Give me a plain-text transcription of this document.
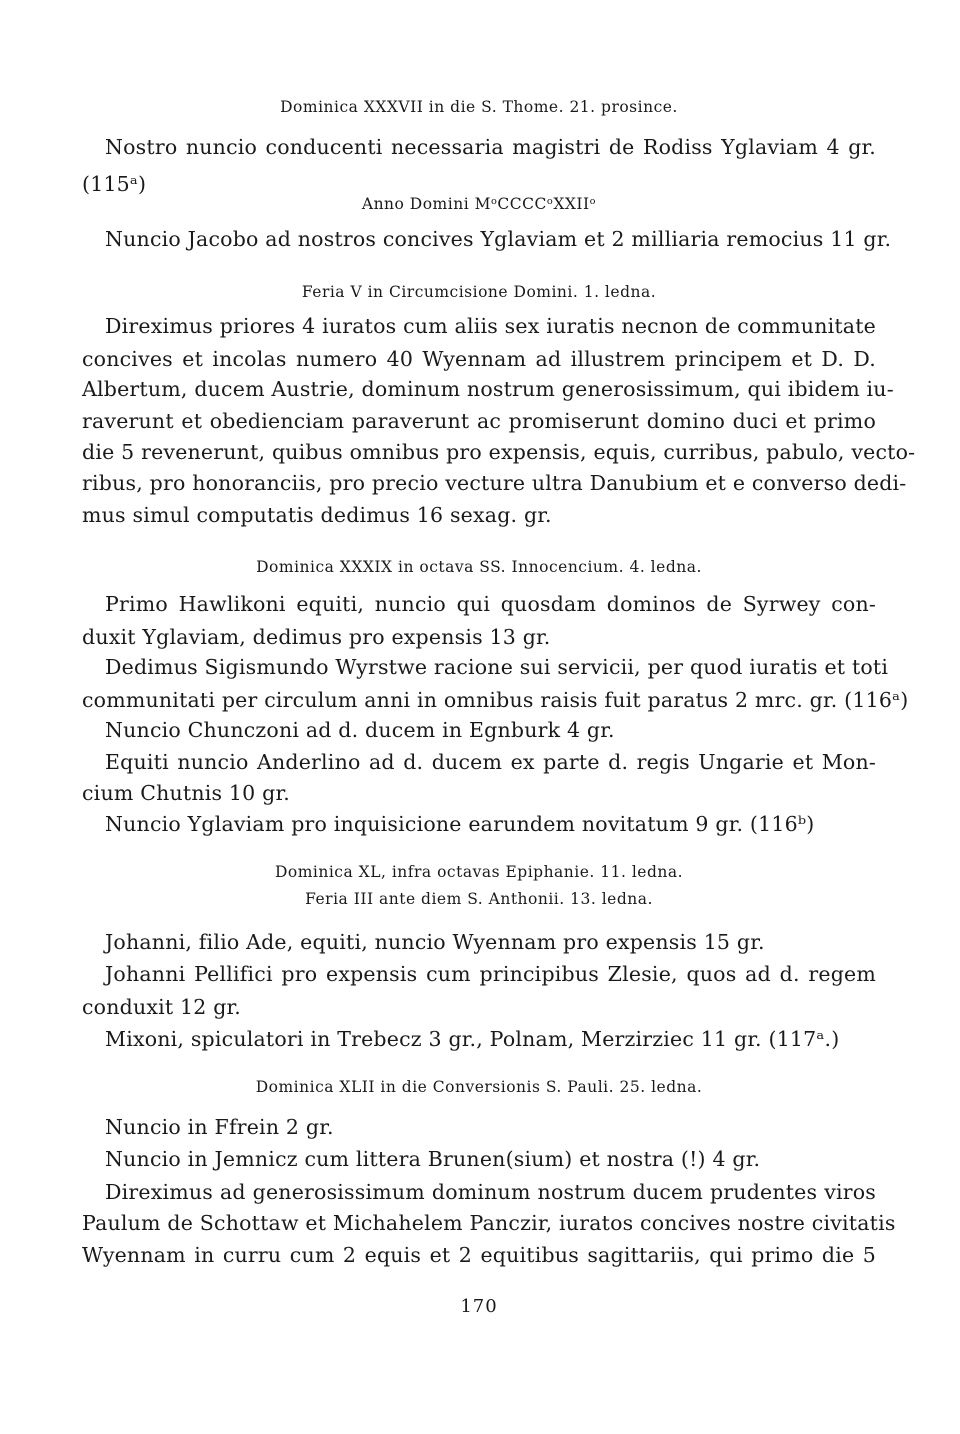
Dominica XXXVII in die S. Thome. 21. prosince.
Nostro nuncio conducenti necessaria magistri de Rodiss Yglaviam 4 gr.
(115ᵃ)
Anno Domini MᵒCCCCᵒXXIIᵒ
Nuncio Jacobo ad nostros concives Yglaviam et 2 milliaria remocius 11 gr.
Feria V in Circumcisione Domini. 1. ledna.
Direximus priores 4 iuratos cum aliis sex iuratis necnon de communitate
concives et incolas numero 40 Wyennam ad illustrem principem et D. D.
Albertum, ducem Austrie, dominum nostrum generosissimum, qui ibidem iu-
raverunt et obedienciam paraverunt ac promiserunt domino duci et primo
die 5 revenerunt, quibus omnibus pro expensis, equis, curribus, pabulo, vecto-
ribus, pro honoranciis, pro precio vecture ultra Danubium et e converso dedi-
mus simul computatis dedimus 16 sexag. gr.
Dominica XXXIX in octava SS. Innocencium. 4. ledna.
Primo Hawlikoni equiti, nuncio qui quosdam dominos de Syrwey con-
duxit Yglaviam, dedimus pro expensis 13 gr.
Dedimus Sigismundo Wyrstwe racione sui servicii, per quod iuratis et toti
communitati per circulum anni in omnibus raisis fuit paratus 2 mrc. gr. (116ᵃ)
Nuncio Chunczoni ad d. ducem in Egnburk 4 gr.
Equiti nuncio Anderlino ad d. ducem ex parte d. regis Ungarie et Mon-
cium Chutnis 10 gr.
Nuncio Yglaviam pro inquisicione earundem novitatum 9 gr. (116ᵇ)
Dominica XL, infra octavas Epiphanie. 11. ledna.
Feria III ante diem S. Anthonii. 13. ledna.
Johanni, filio Ade, equiti, nuncio Wyennam pro expensis 15 gr.
Johanni Pellifici pro expensis cum principibus Zlesie, quos ad d. regem
conduxit 12 gr.
Mixoni, spiculatori in Trebecz 3 gr., Polnam, Merzirziec 11 gr. (117ᵃ.)
Dominica XLII in die Conversionis S. Pauli. 25. ledna.
Nuncio in Ffrein 2 gr.
Nuncio in Jemnicz cum littera Brunen(sium) et nostra (!) 4 gr.
Direximus ad generosissimum dominum nostrum ducem prudentes viros
Paulum de Schottaw et Michahelem Panczir, iuratos concives nostre civitatis
Wyennam in curru cum 2 equis et 2 equitibus sagittariis, qui primo die 5
170
